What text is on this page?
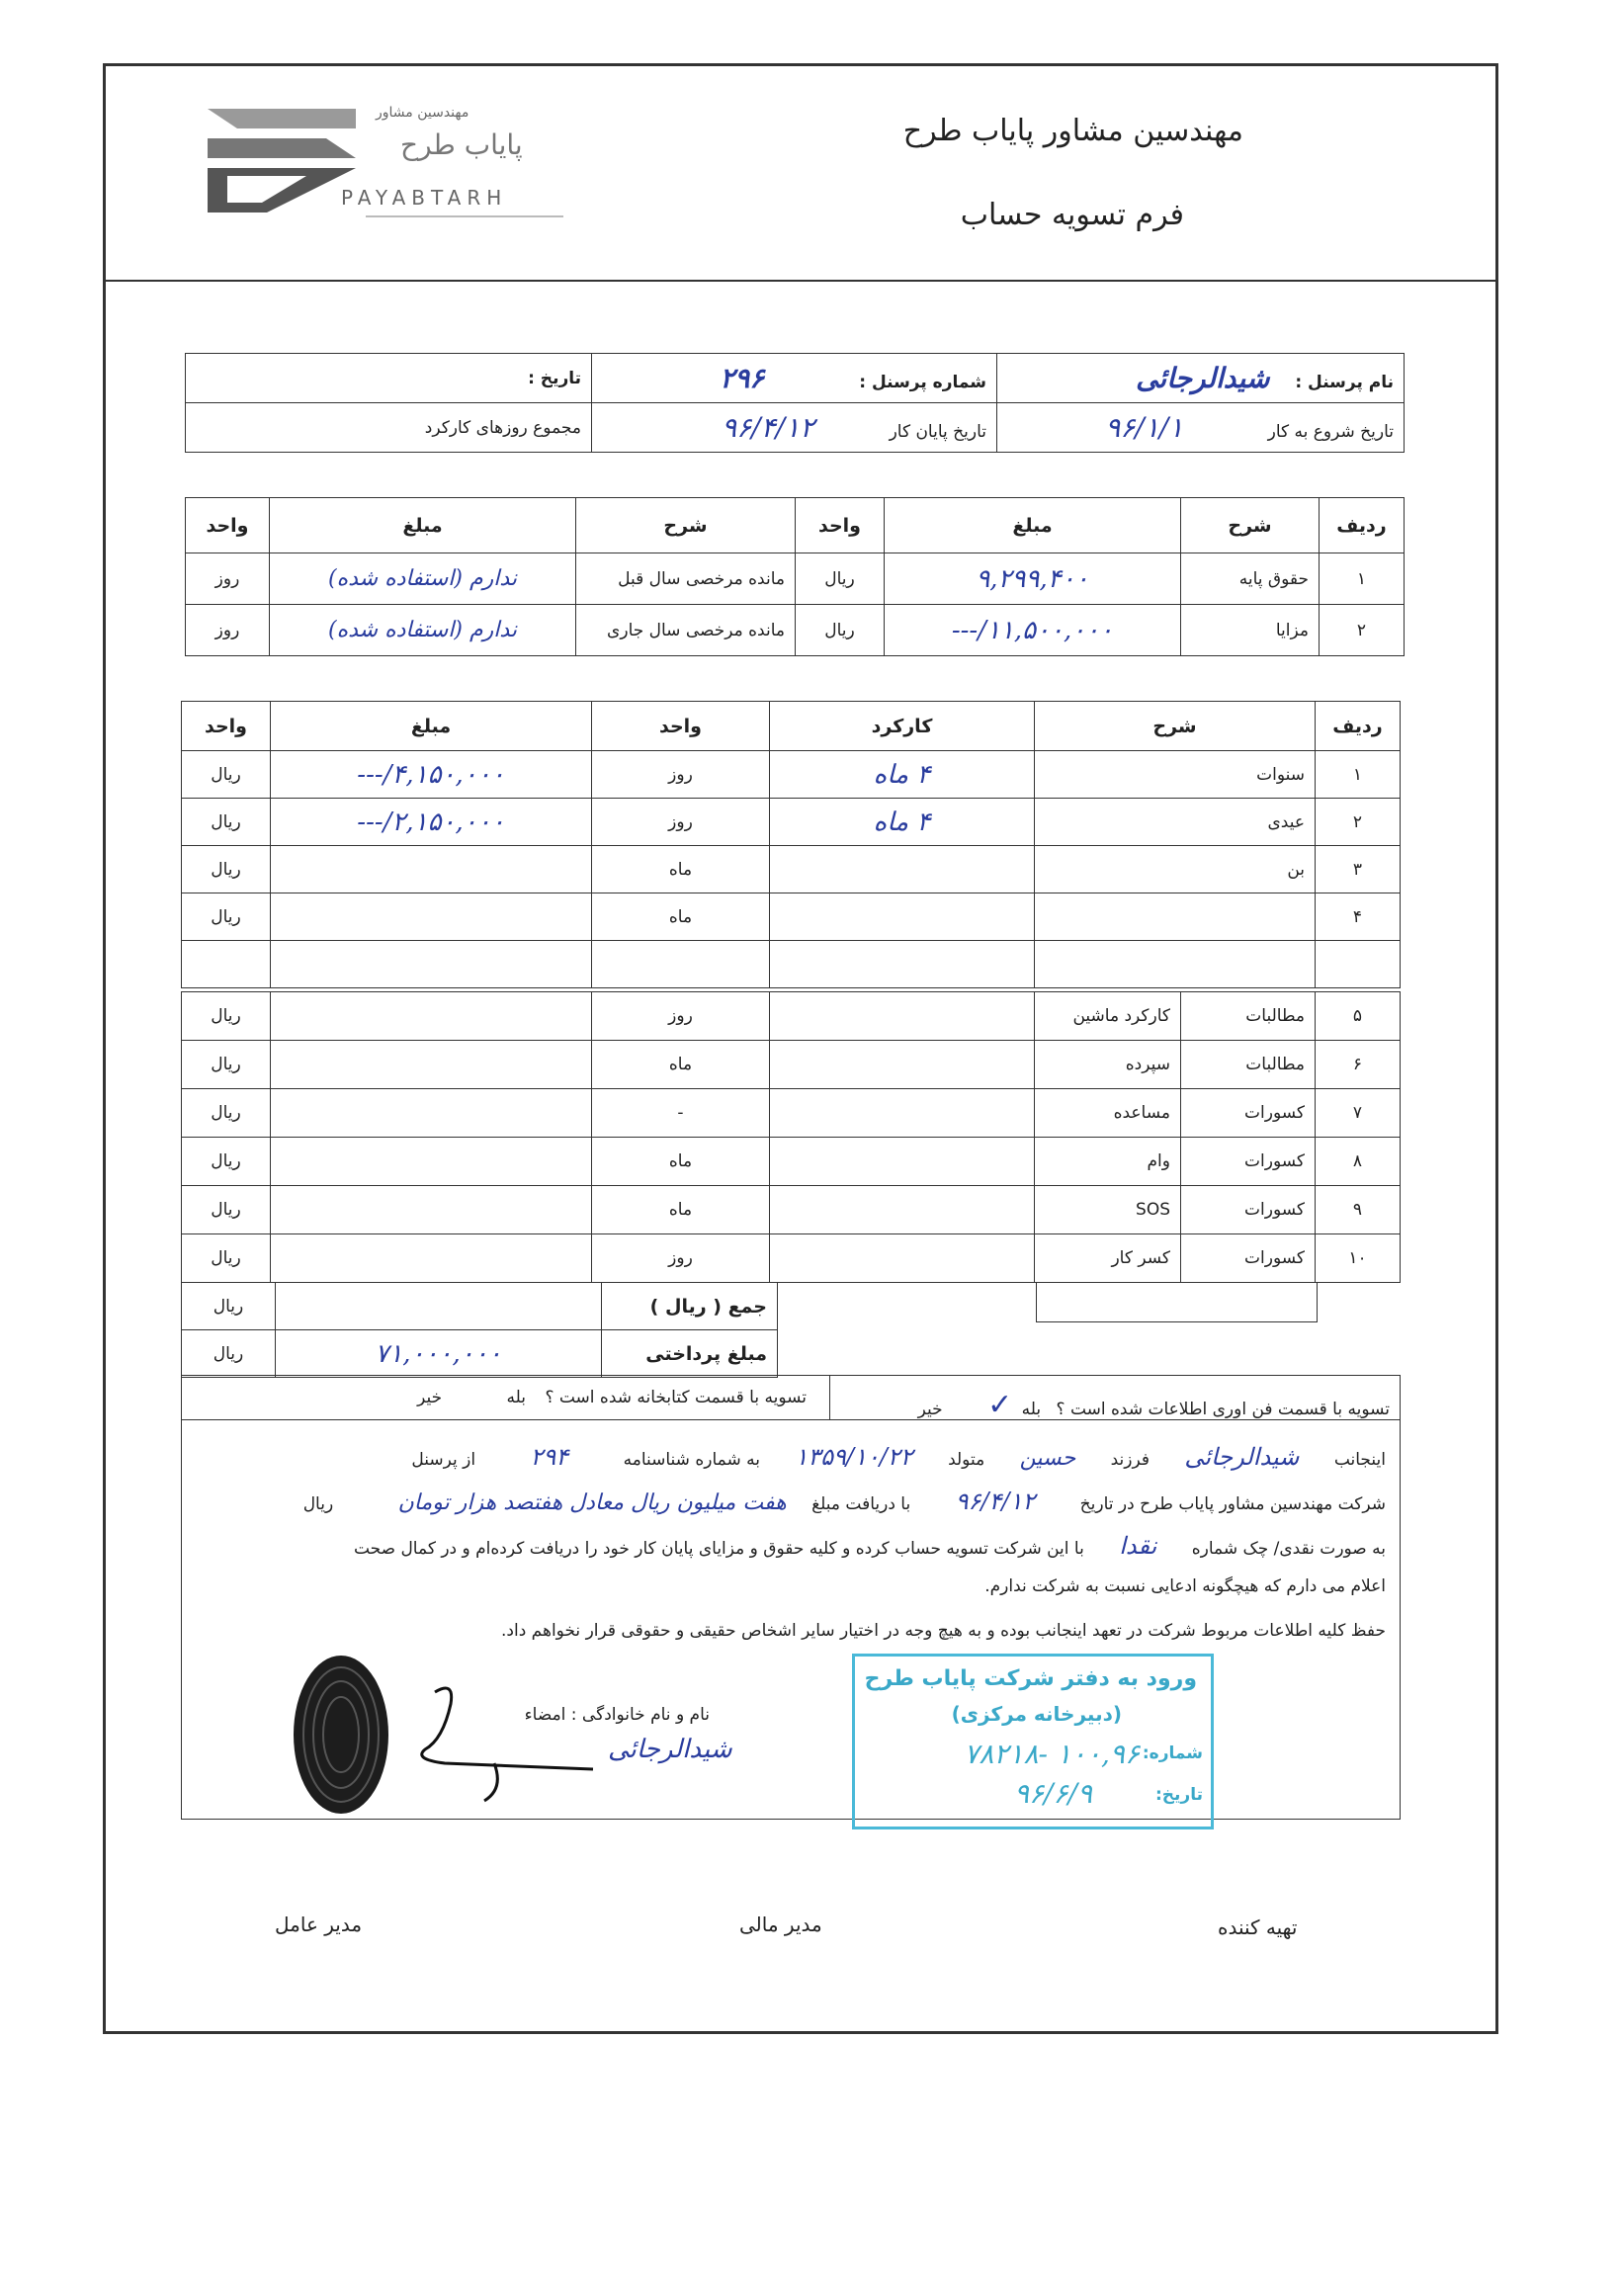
مهندسین مشاور پایاب طرح
فرم تسویه حساب
مهندسین مشاور
پایاب طرح
PAYABTARH
نام پرسنل : شیدالرجائی	شماره پرسنل : ۲۹۶	تاریخ :
تاریخ شروع به کار ۹۶/۱/۱	تاریخ پایان کار ۹۶/۴/۱۲	مجموع روزهای کارکرد
ردیف	شرح	مبلغ	واحد	شرح	مبلغ	واحد
۱	حقوق پایه	۹,۲۹۹,۴۰۰	ریال	مانده مرخصی سال قبل	ندارم (استفاده شده)	روز
۲	مزایا	۱۱,۵۰۰,۰۰۰/---	ریال	مانده مرخصی سال جاری	ندارم (استفاده شده)	روز
ردیف	شرح	کارکرد	واحد	مبلغ	واحد
۱	سنوات	۴ ماه	روز	۴,۱۵۰,۰۰۰/---	ریال
۲	عیدی	۴ ماه	روز	۲,۱۵۰,۰۰۰/---	ریال
۳	بن		ماه		ریال
۴			ماه		ریال

۵	مطالبات	کارکرد ماشین		روز		ریال
۶	مطالبات	سپرده		ماه		ریال
۷	کسورات	مساعده		-		ریال
۸	کسورات	وام		ماه		ریال
۹	کسورات	SOS		ماه		ریال
۱۰	کسورات	کسر کار		روز		ریال
جمع ( ریال )		ریال
مبلغ پرداختی	۷۱,۰۰۰,۰۰۰	ریال
تسویه با قسمت فن اوری اطلاعات شده است ؟ بله ✓ خیر
تسویه با قسمت کتابخانه شده است ؟ بله خیر
اینجانب شیدالرجائی فرزند حسین متولد ۱۳۵۹/۱۰/۲۲ به شماره شناسنامه ۲۹۴ از پرسنل
شرکت مهندسین مشاور پایاب طرح در تاریخ ۹۶/۴/۱۲ با دریافت مبلغ هفت میلیون ریال معادل هفتصد هزار تومان ریال
به صورت نقدی/ چک شماره نقدا با این شرکت تسویه حساب کرده و کلیه حقوق و مزایای پایان کار خود را دریافت کرده‌ام و در کمال صحت
اعلام می دارم که هیچگونه ادعایی نسبت به شرکت ندارم.
حفظ کلیه اطلاعات مربوط شرکت در تعهد اینجانب بوده و به هیچ وجه در اختیار سایر اشخاص حقیقی و حقوقی قرار نخواهم داد.
نام و نام خانوادگی : امضاء
شیدالرجائی
ورود به دفتر شرکت پایاب طرح
(دبیرخانه مرکزی)
شماره:
۱۰۰,۹۶ -۷۸۲۱۸
تاریخ:
۹۶/۶/۹
تهیه کننده
مدیر مالی
مدیر عامل
